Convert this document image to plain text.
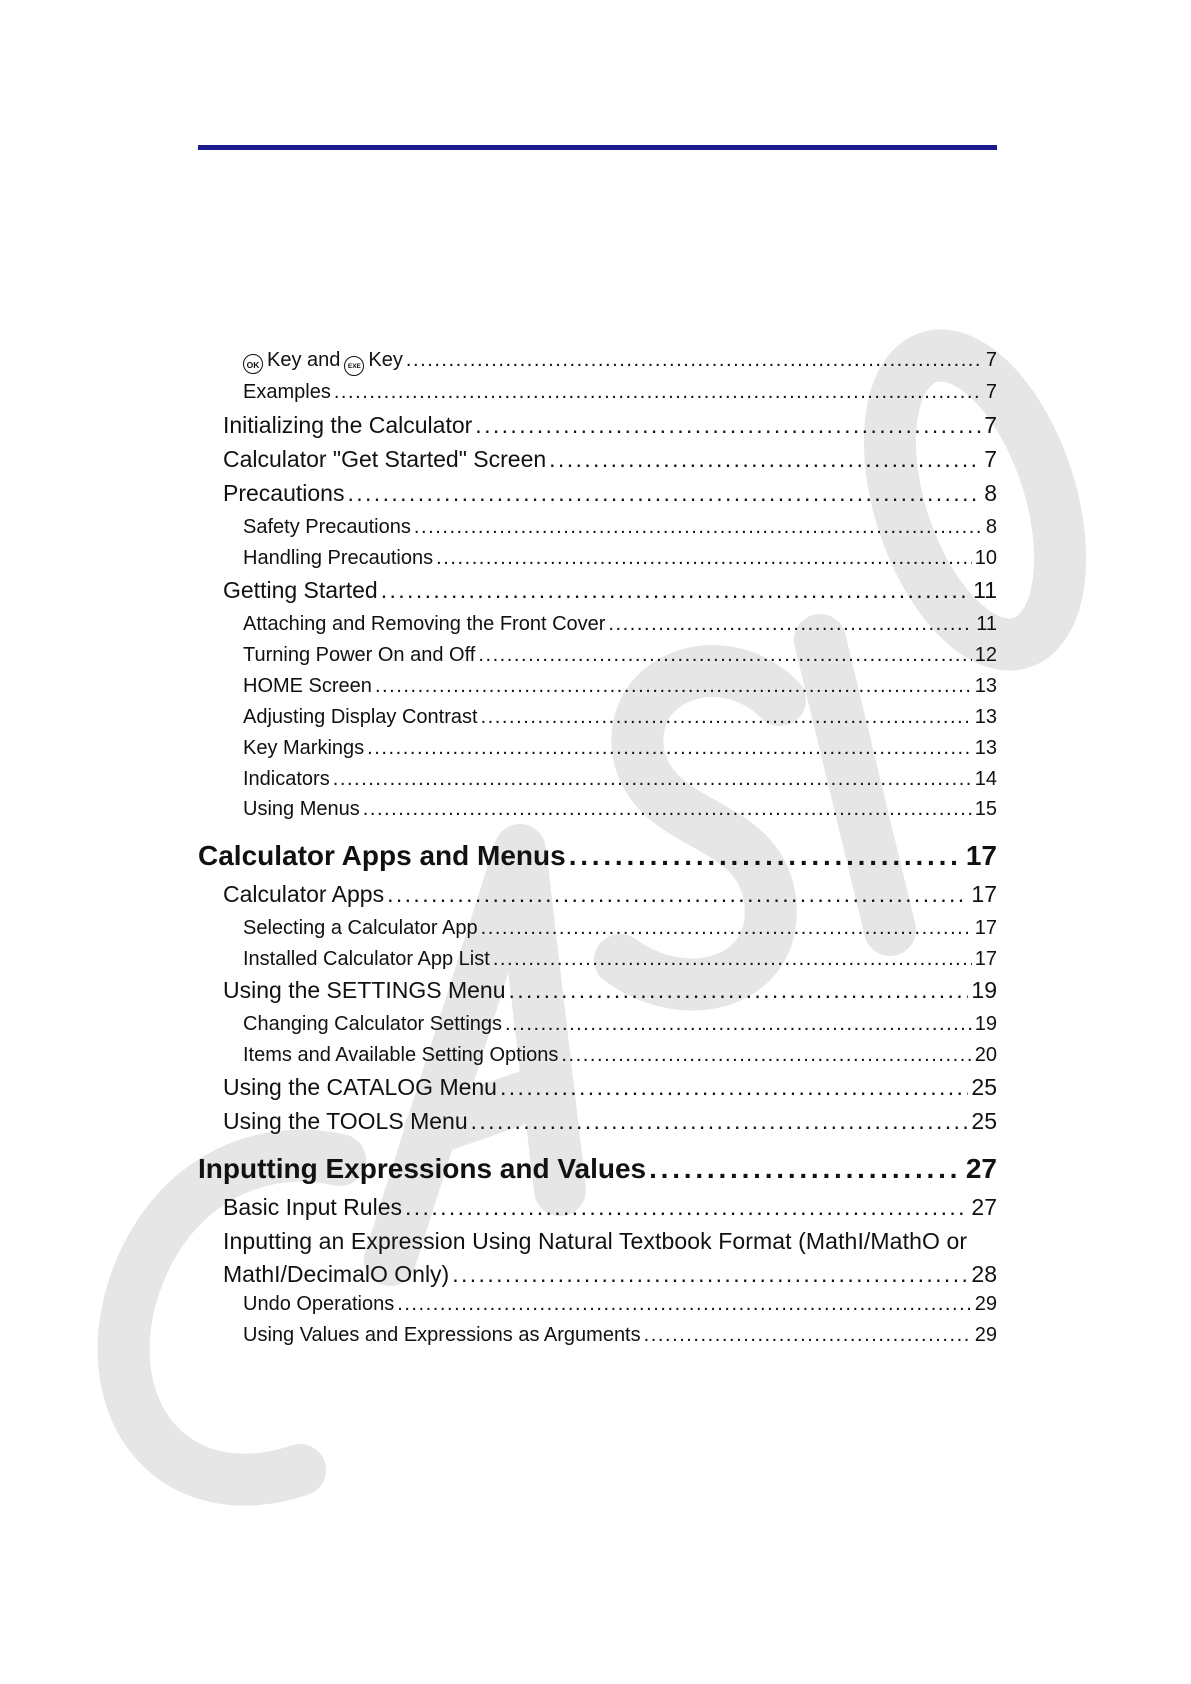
OK Key and EXE Key . . .	7
Examples . . .	7
Initializing the Calculator . . .	7
Calculator "Get Started" Screen . . .	7
Precautions . . .	8
Safety Precautions . . .	8
Handling Precautions . . .	10
Getting Started . . .	11
Attaching and Removing the Front Cover . . .	11
Turning Power On and Off . . .	12
HOME Screen . . .	13
Adjusting Display Contrast . . .	13
Key Markings . . .	13
Indicators . . .	14
Using Menus . . .	15
Calculator Apps and Menus . . .	17
Calculator Apps . . .	17
Selecting a Calculator App . . .	17
Installed Calculator App List . . .	17
Using the SETTINGS Menu . . .	19
Changing Calculator Settings . . .	19
Items and Available Setting Options . . .	20
Using the CATALOG Menu . . .	25
Using the TOOLS Menu . . .	25
Inputting Expressions and Values . . .	27
Basic Input Rules . . .	27
Inputting an Expression Using Natural Textbook Format (MathI/MathO or
MathI/DecimalO Only) . . .	28
Undo Operations . . .	29
Using Values and Expressions as Arguments . . .	29
